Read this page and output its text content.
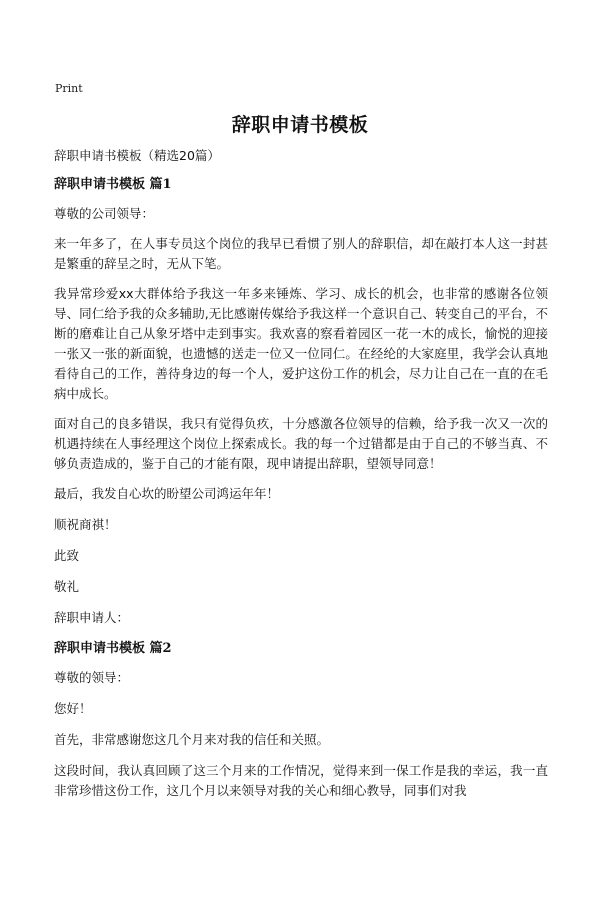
Print
辞职申请书模板
辞职申请书模板（精选20篇）
辞职申请书模板 篇1
尊敬的公司领导：
来一年多了，在人事专员这个岗位的我早已看惯了别人的辞职信，却在敲打本人这一封甚是繁重的辞呈之时，无从下笔。
我异常珍爱xx大群体给予我这一年多来锤炼、学习、成长的机会，也非常的感谢各位领导、同仁给予我的众多辅助,无比感谢传媒给予我这样一个意识自己、转变自己的平台，不断的磨难让自己从象牙塔中走到事实。我欢喜的察看着园区一花一木的成长，愉悦的迎接一张又一张的新面貌，也遗憾的送走一位又一位同仁。在经纶的大家庭里，我学会认真地看待自己的工作，善待身边的每一个人，爱护这份工作的机会，尽力让自己在一直的在毛病中成长。
面对自己的良多错误，我只有觉得负疚，十分感激各位领导的信赖，给予我一次又一次的机遇持续在人事经理这个岗位上探索成长。我的每一个过错都是由于自己的不够当真、不够负责造成的，鉴于自己的才能有限，现申请提出辞职，望领导同意！
最后，我发自心坎的盼望公司鸿运年年！
顺祝商祺！
此致
敬礼
辞职申请人：
辞职申请书模板 篇2
尊敬的领导：
您好！
首先，非常感谢您这几个月来对我的信任和关照。
这段时间，我认真回顾了这三个月来的工作情况，觉得来到一保工作是我的幸运，我一直非常珍惜这份工作，这几个月以来领导对我的关心和细心教导，同事们对我
